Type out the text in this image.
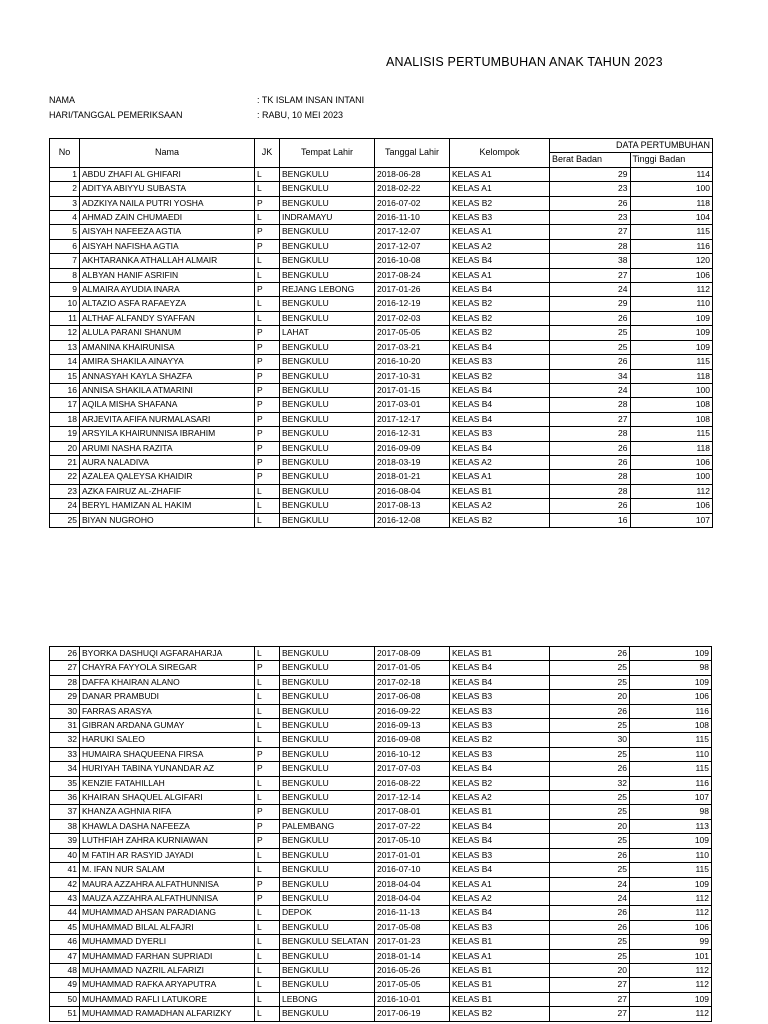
ANALISIS PERTUMBUHAN ANAK TAHUN 2023
NAMA	: TK ISLAM INSAN INTANI
HARI/TANGGAL PEMERIKSAAN	: RABU, 10 MEI 2023
No	Nama	JK	Tempat Lahir	Tanggal Lahir	Kelompok	DATA PERTUMBUHAN	
						Berat Badan	Tinggi Badan
1	ABDU ZHAFI AL GHIFARI	L	BENGKULU	2018-06-28	KELAS A1	29	114
2	ADITYA ABIYYU SUBASTA	L	BENGKULU	2018-02-22	KELAS A1	23	100
3	ADZKIYA NAILA PUTRI YOSHA	P	BENGKULU	2016-07-02	KELAS B2	26	118
4	AHMAD ZAIN CHUMAEDI	L	INDRAMAYU	2016-11-10	KELAS B3	23	104
5	AISYAH NAFEEZA AGTIA	P	BENGKULU	2017-12-07	KELAS A1	27	115
6	AISYAH NAFISHA AGTIA	P	BENGKULU	2017-12-07	KELAS A2	28	116
7	AKHTARANKA ATHALLAH ALMAIR	L	BENGKULU	2016-10-08	KELAS B4	38	120
8	ALBYAN HANIF ASRIFIN	L	BENGKULU	2017-08-24	KELAS A1	27	106
9	ALMAIRA AYUDIA INARA	P	REJANG LEBONG	2017-01-26	KELAS B4	24	112
10	ALTAZIO ASFA RAFAEYZA	L	BENGKULU	2016-12-19	KELAS B2	29	110
11	ALTHAF ALFANDY SYAFFAN	L	BENGKULU	2017-02-03	KELAS B2	26	109
12	ALULA PARANI SHANUM	P	LAHAT	2017-05-05	KELAS B2	25	109
13	AMANINA KHAIRUNISA	P	BENGKULU	2017-03-21	KELAS B4	25	109
14	AMIRA SHAKILA AINAYYA	P	BENGKULU	2016-10-20	KELAS B3	26	115
15	ANNASYAH KAYLA SHAZFA	P	BENGKULU	2017-10-31	KELAS B2	34	118
16	ANNISA SHAKILA ATMARINI	P	BENGKULU	2017-01-15	KELAS B4	24	100
17	AQILA MISHA SHAFANA	P	BENGKULU	2017-03-01	KELAS B4	28	108
18	ARJEVITA AFIFA NURMALASARI	P	BENGKULU	2017-12-17	KELAS B4	27	108
19	ARSYILA KHAIRUNNISA IBRAHIM	P	BENGKULU	2016-12-31	KELAS B3	28	115
20	ARUMI NASHA RAZITA	P	BENGKULU	2016-09-09	KELAS B4	26	118
21	AURA NALADIVA	P	BENGKULU	2018-03-19	KELAS A2	26	106
22	AZALEA QALEYSA KHAIDIR	P	BENGKULU	2018-01-21	KELAS A1	28	100
23	AZKA FAIRUZ AL-ZHAFIF	L	BENGKULU	2016-08-04	KELAS B1	28	112
24	BERYL HAMIZAN AL HAKIM	L	BENGKULU	2017-08-13	KELAS A2	26	106
25	BIYAN NUGROHO	L	BENGKULU	2016-12-08	KELAS B2	16	107
26	BYORKA DASHUQI AGFARAHARJA	L	BENGKULU	2017-08-09	KELAS B1	26	109
27	CHAYRA FAYYOLA SIREGAR	P	BENGKULU	2017-01-05	KELAS B4	25	98
28	DAFFA KHAIRAN ALANO	L	BENGKULU	2017-02-18	KELAS B4	25	109
29	DANAR PRAMBUDI	L	BENGKULU	2017-06-08	KELAS B3	20	106
30	FARRAS ARASYA	L	BENGKULU	2016-09-22	KELAS B3	26	116
31	GIBRAN ARDANA GUMAY	L	BENGKULU	2016-09-13	KELAS B3	25	108
32	HARUKI SALEO	L	BENGKULU	2016-09-08	KELAS B2	30	115
33	HUMAIRA SHAQUEENA FIRSA	P	BENGKULU	2016-10-12	KELAS B3	25	110
34	HURIYAH TABINA YUNANDAR AZ	P	BENGKULU	2017-07-03	KELAS B4	26	115
35	KENZIE FATAHILLAH	L	BENGKULU	2016-08-22	KELAS B2	32	116
36	KHAIRAN SHAQUEL ALGIFARI	L	BENGKULU	2017-12-14	KELAS A2	25	107
37	KHANZA AGHNIA RIFA	P	BENGKULU	2017-08-01	KELAS B1	25	98
38	KHAWLA DASHA NAFEEZA	P	PALEMBANG	2017-07-22	KELAS B4	20	113
39	LUTHFIAH ZAHRA KURNIAWAN	P	BENGKULU	2017-05-10	KELAS B4	25	109
40	M FATIH AR RASYID JAYADI	L	BENGKULU	2017-01-01	KELAS B3	26	110
41	M. IFAN NUR SALAM	L	BENGKULU	2016-07-10	KELAS B4	25	115
42	MAURA AZZAHRA ALFATHUNNISA	P	BENGKULU	2018-04-04	KELAS A1	24	109
43	MAUZA AZZAHRA ALFATHUNNISA	P	BENGKULU	2018-04-04	KELAS A2	24	112
44	MUHAMMAD AHSAN PARADIANG	L	DEPOK	2016-11-13	KELAS B4	26	112
45	MUHAMMAD BILAL ALFAJRI	L	BENGKULU	2017-05-08	KELAS B3	26	106
46	MUHAMMAD DYERLI	L	BENGKULU SELATAN	2017-01-23	KELAS B1	25	99
47	MUHAMMAD FARHAN SUPRIADI	L	BENGKULU	2018-01-14	KELAS A1	25	101
48	MUHAMMAD NAZRIL ALFARIZI	L	BENGKULU	2016-05-26	KELAS B1	20	112
49	MUHAMMAD RAFKA ARYAPUTRA	L	BENGKULU	2017-05-05	KELAS B1	27	112
50	MUHAMMAD RAFLI LATUKORE	L	LEBONG	2016-10-01	KELAS B1	27	109
51	MUHAMMAD RAMADHAN ALFARIZKY	L	BENGKULU	2017-06-19	KELAS B2	27	112
